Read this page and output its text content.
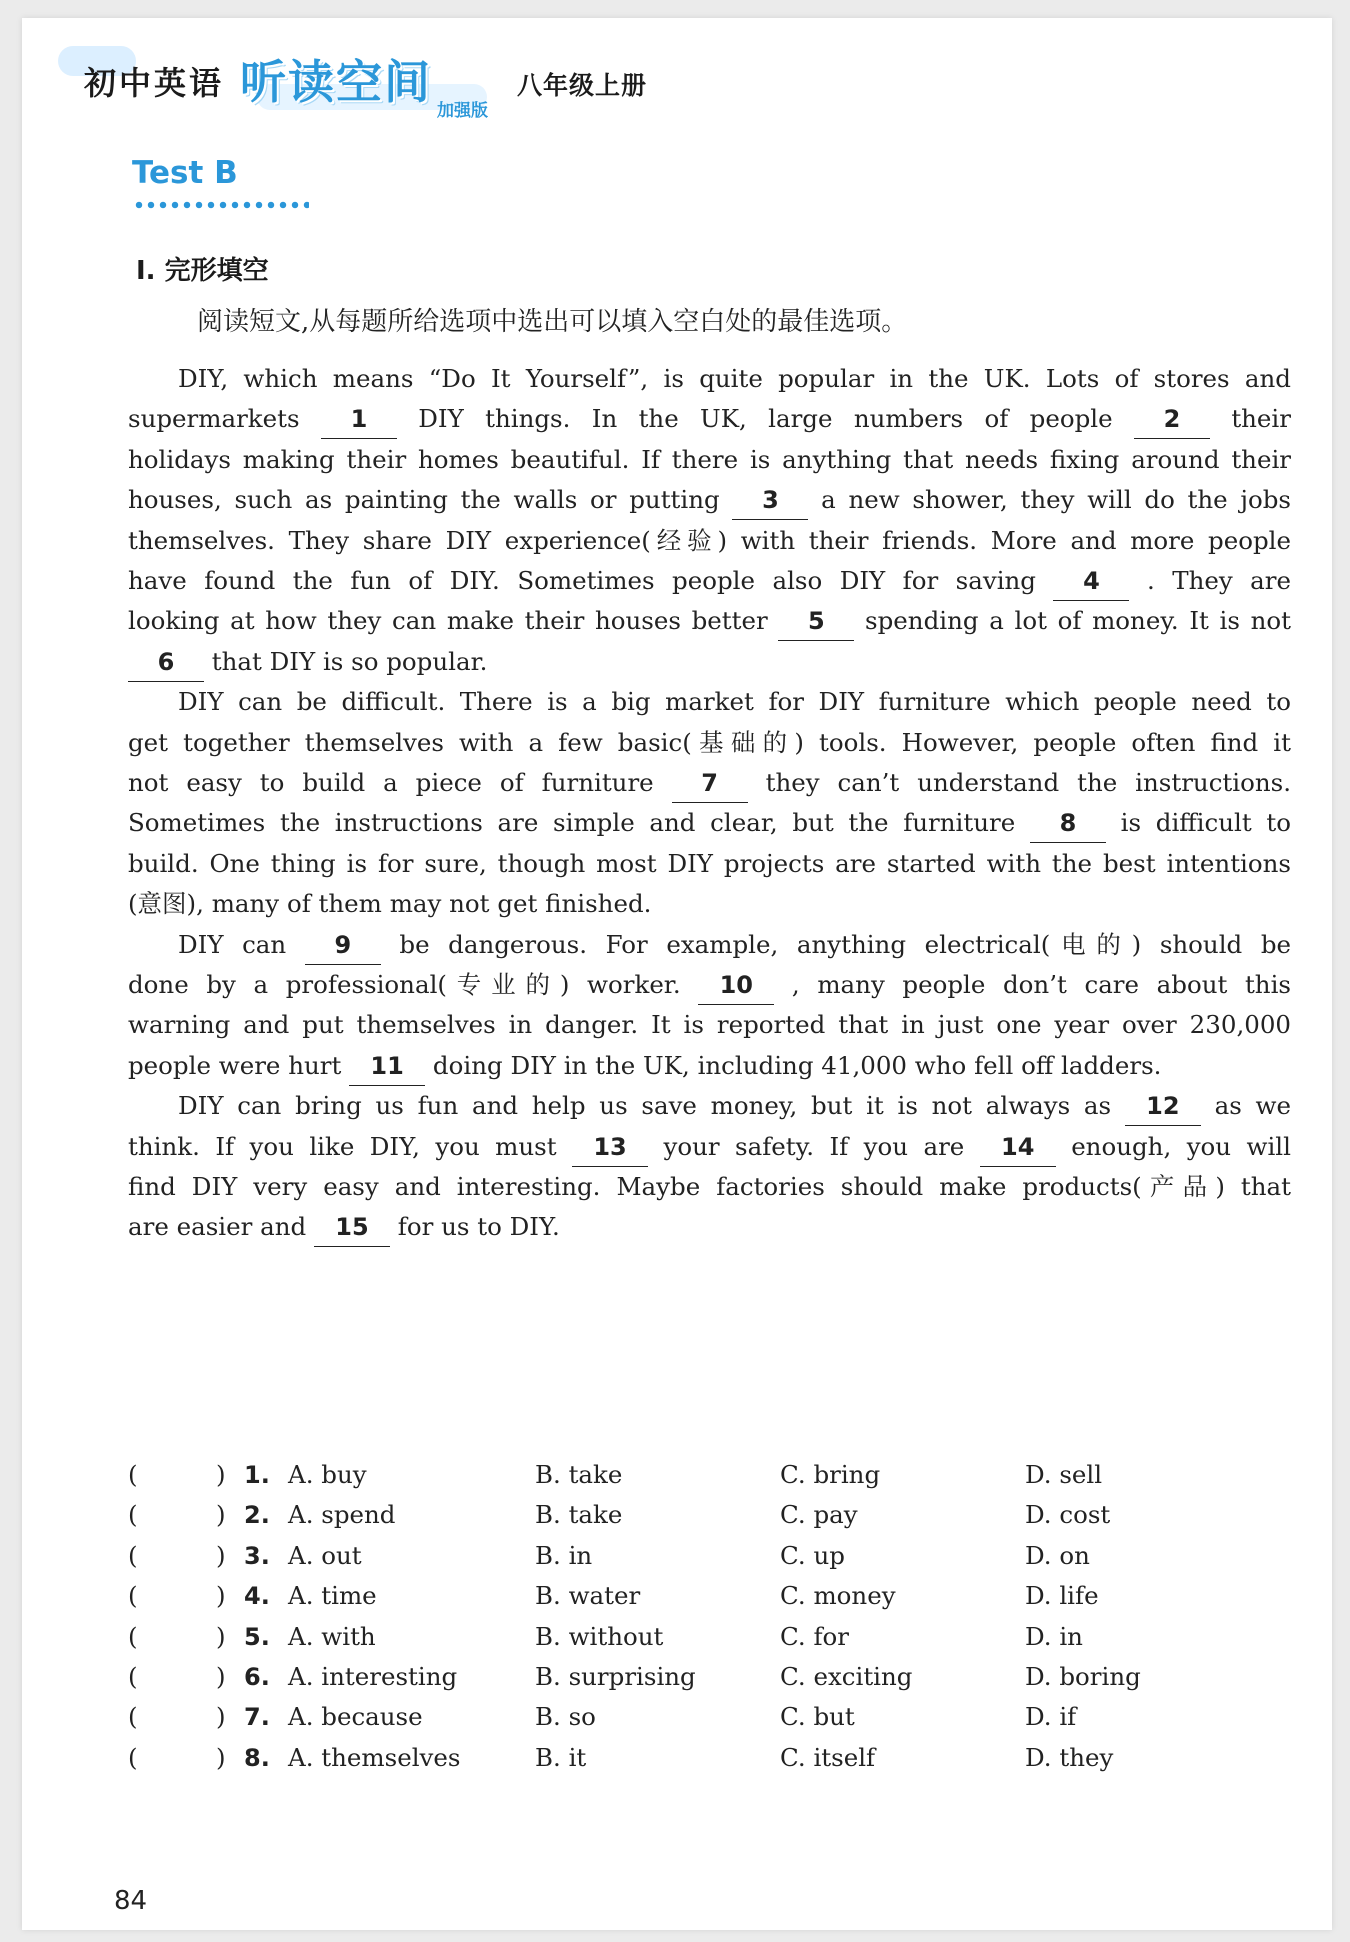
初中英语 听读空间
加强版
八年级上册
Test B
Ⅰ. 完形填空
阅读短文,从每题所给选项中选出可以填入空白处的最佳选项。
DIY, which means “Do It Yourself”, is quite popular in the UK. Lots of stores and
supermarkets 1 DIY things. In the UK, large numbers of people 2 their
holidays making their homes beautiful. If there is anything that needs fixing around their
houses, such as painting the walls or putting 3 a new shower, they will do the jobs
themselves. They share DIY experience(经验) with their friends. More and more people
have found the fun of DIY. Sometimes people also DIY for saving 4 . They are
looking at how they can make their houses better 5 spending a lot of money. It is not
6 that DIY is so popular.
DIY can be difficult. There is a big market for DIY furniture which people need to
get together themselves with a few basic(基础的) tools. However, people often find it
not easy to build a piece of furniture 7 they can’t understand the instructions.
Sometimes the instructions are simple and clear, but the furniture 8 is difficult to
build. One thing is for sure, though most DIY projects are started with the best intentions
(意图), many of them may not get finished.
DIY can 9 be dangerous. For example, anything electrical(电的) should be
done by a professional(专业的) worker. 10 , many people don’t care about this
warning and put themselves in danger. It is reported that in just one year over 230,000
people were hurt 11 doing DIY in the UK, including 41,000 who fell off ladders.
DIY can bring us fun and help us save money, but it is not always as 12 as we
think. If you like DIY, you must 13 your safety. If you are 14 enough, you will
find DIY very easy and interesting. Maybe factories should make products(产品) that
are easier and 15 for us to DIY.
(	) 1. A. buy	B. take	C. bring	D. sell
(	) 2. A. spend	B. take	C. pay	D. cost
(	) 3. A. out	B. in	C. up	D. on
(	) 4. A. time	B. water	C. money	D. life
(	) 5. A. with	B. without	C. for	D. in
(	) 6. A. interesting	B. surprising	C. exciting	D. boring
(	) 7. A. because	B. so	C. but	D. if
(	) 8. A. themselves	B. it	C. itself	D. they
84
